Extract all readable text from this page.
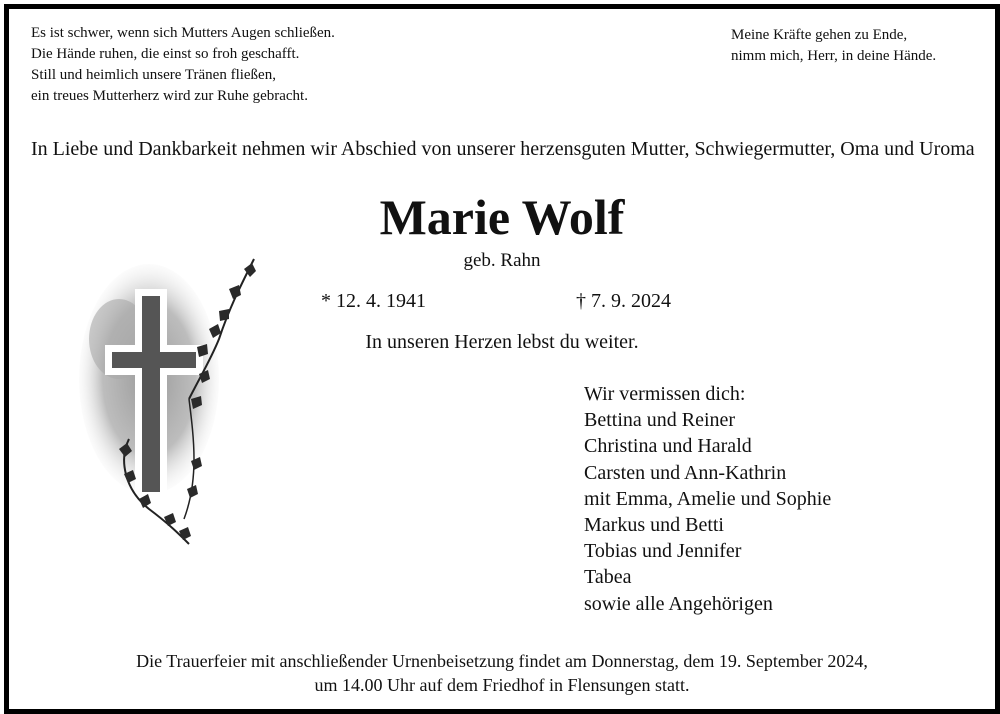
Es ist schwer, wenn sich Mutters Augen schließen.
Die Hände ruhen, die einst so froh geschafft.
Still und heimlich unsere Tränen fließen,
ein treues Mutterherz wird zur Ruhe gebracht.
Meine Kräfte gehen zu Ende,
nimm mich, Herr, in deine Hände.
In Liebe und Dankbarkeit nehmen wir Abschied von unserer herzensguten Mutter, Schwiegermutter, Oma und Uroma
Marie Wolf
geb. Rahn
* 12. 4. 1941	† 7. 9. 2024
In unseren Herzen lebst du weiter.
Wir vermissen dich:
Bettina und Reiner
Christina und Harald
Carsten und Ann-Kathrin
mit Emma, Amelie und Sophie
Markus und Betti
Tobias und Jennifer
Tabea
sowie alle Angehörigen
Die Trauerfeier mit anschließender Urnenbeisetzung findet am Donnerstag, dem 19. September 2024,
um 14.00 Uhr auf dem Friedhof in Flensungen statt.
